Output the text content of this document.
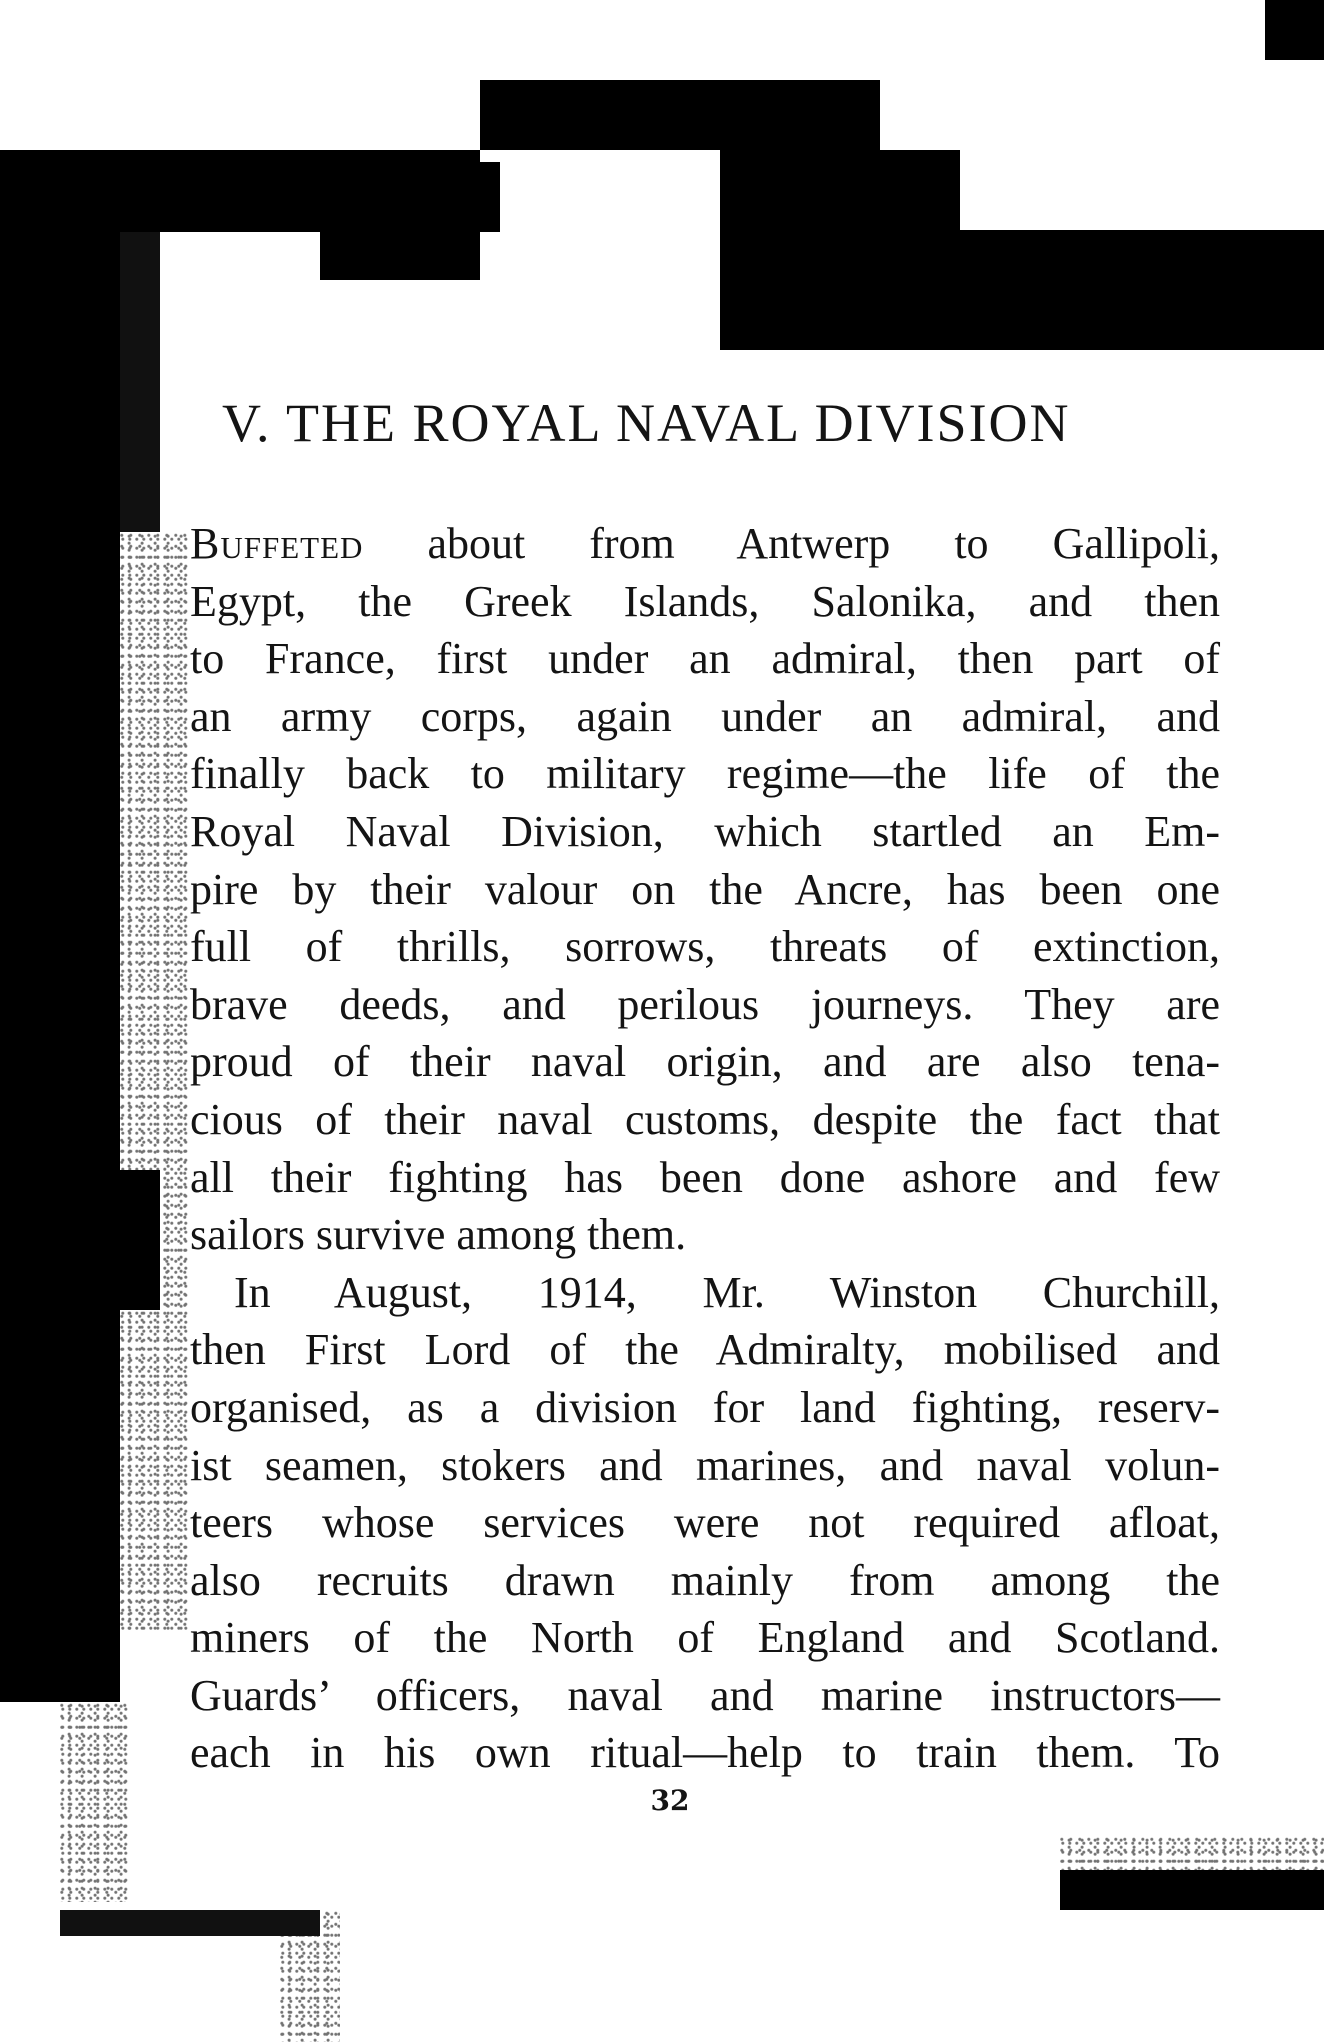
V. THE ROYAL NAVAL DIVISION
Buffeted about from Antwerp to Gallipoli,
Egypt, the Greek Islands, Salonika, and then
to France, first under an admiral, then part of
an army corps, again under an admiral, and
finally back to military regime—the life of the
Royal Naval Division, which startled an Em-
pire by their valour on the Ancre, has been one
full of thrills, sorrows, threats of extinction,
brave deeds, and perilous journeys. They are
proud of their naval origin, and are also tena-
cious of their naval customs, despite the fact that
all their fighting has been done ashore and few
sailors survive among them.
In August, 1914, Mr. Winston Churchill,
then First Lord of the Admiralty, mobilised and
organised, as a division for land fighting, reserv-
ist seamen, stokers and marines, and naval volun-
teers whose services were not required afloat,
also recruits drawn mainly from among the
miners of the North of England and Scotland.
Guards’ officers, naval and marine instructors—
each in his own ritual—help to train them. To
32
